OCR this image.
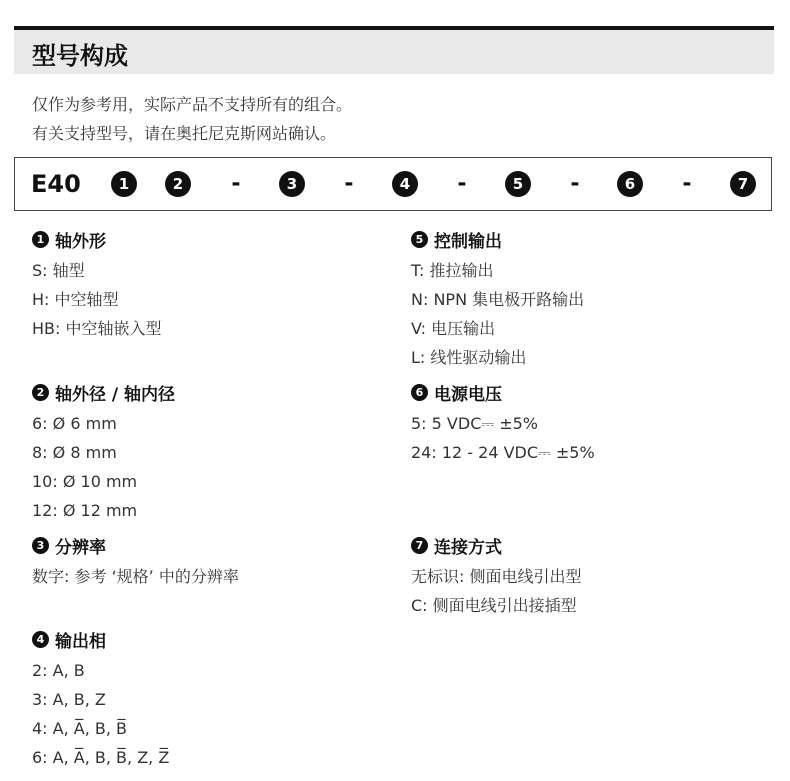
型号构成
仅作为参考用，实际产品不支持所有的组合。
有关支持型号，请在奥托尼克斯网站确认。
E40	1	2	-	3	-	4	-	5	-	6	-	7
1 轴外形
S: 轴型
H: 中空轴型
HB: 中空轴嵌入型
2 轴外径 / 轴内径
6: Ø 6 mm
8: Ø 8 mm
10: Ø 10 mm
12: Ø 12 mm
3 分辨率
数字: 参考 ‘规格’ 中的分辨率
4 输出相
2: A, B
3: A, B, Z
4: A, A̅, B, B̅
6: A, A̅, B, B̅, Z, Z̅
5 控制输出
T: 推拉输出
N: NPN 集电极开路输出
V: 电压输出
L: 线性驱动输出
6 电源电压
5: 5 VDC⎓ ±5%
24: 12 - 24 VDC⎓ ±5%
7 连接方式
无标识: 侧面电线引出型
C: 侧面电线引出接插型
